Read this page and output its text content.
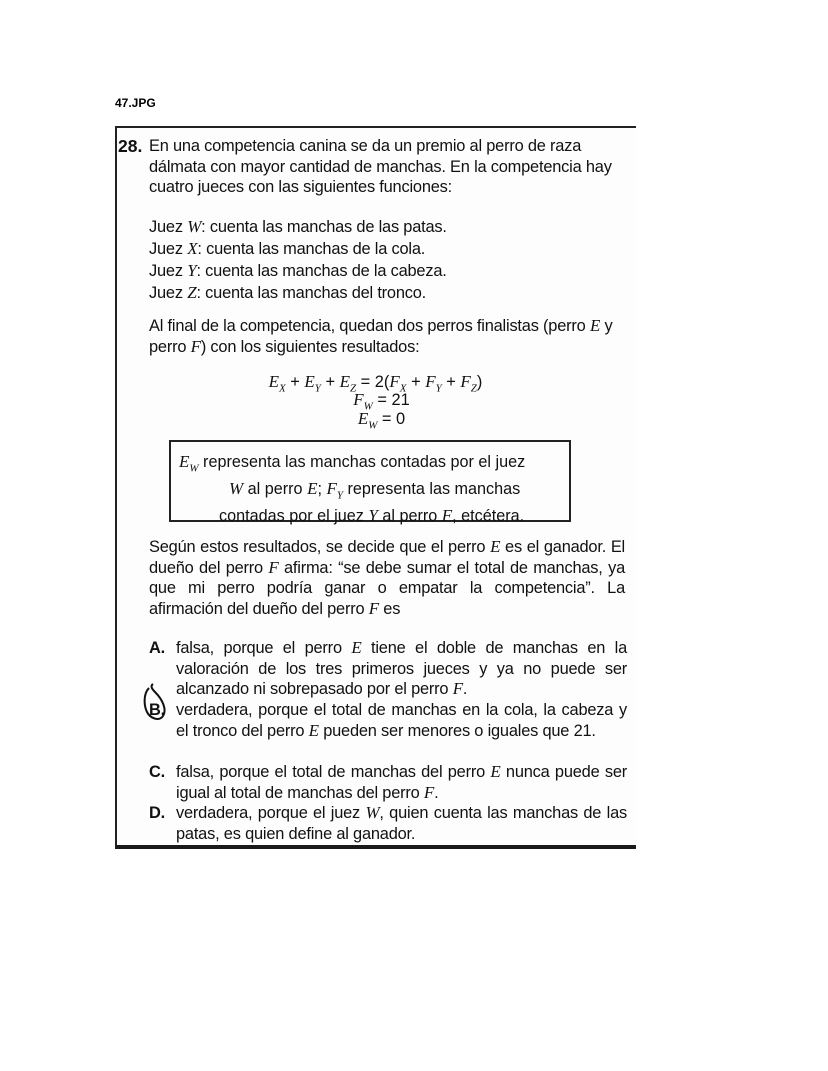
47.JPG
28. En una competencia canina se da un premio al perro de raza dálmata con mayor cantidad de manchas. En la competencia hay cuatro jueces con las siguientes funciones:
Juez W: cuenta las manchas de las patas.
Juez X: cuenta las manchas de la cola.
Juez Y: cuenta las manchas de la cabeza.
Juez Z: cuenta las manchas del tronco.
Al final de la competencia, quedan dos perros finalistas (perro E y perro F) con los siguientes resultados:
$E_X + E_Y + E_Z = 2(F_X + F_Y + F_Z)$
$F_W = 21$
$E_W = 0$
$E_W$ representa las manchas contadas por el juez
W al perro E; $F_Y$ representa las manchas
contadas por el juez Y al perro F, etcétera.
Según estos resultados, se decide que el perro E es el ganador. El dueño del perro F afirma: “se debe sumar el total de manchas, ya que mi perro podría ganar o empatar la competencia”. La afirmación del dueño del perro F es
A. falsa, porque el perro E tiene el doble de manchas en la valoración de los tres primeros jueces y ya no puede ser alcanzado ni sobrepasado por el perro F.
B. verdadera, porque el total de manchas en la cola, la cabeza y el tronco del perro E pueden ser menores o iguales que 21.
C. falsa, porque el total de manchas del perro E nunca puede ser igual al total de manchas del perro F.
D. verdadera, porque el juez W, quien cuenta las manchas de las patas, es quien define al ganador.
